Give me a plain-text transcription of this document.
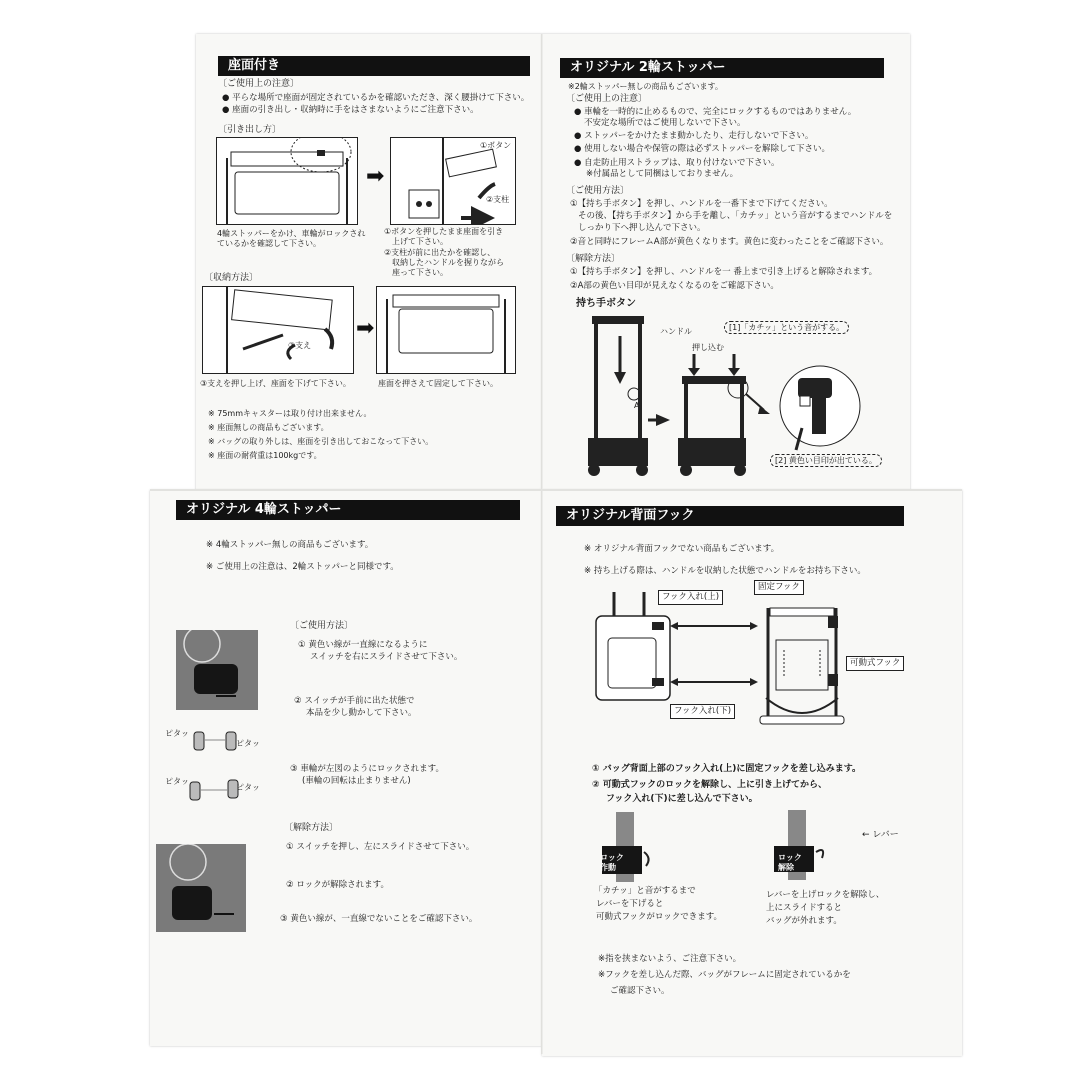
座面付き
〔ご使用上の注意〕
● 平らな場所で座面が固定されているかを確認いただき、深く腰掛けて下さい。
● 座面の引き出し・収納時に手をはさまないようにご注意下さい。
〔引き出し方〕
➡
①ボタン
②支柱
4輪ストッパーをかけ、車輪がロックされ
ているかを確認して下さい。
①ボタンを押したまま座面を引き
上げて下さい。
②支柱が前に出たかを確認し、
収納したハンドルを握りながら
座って下さい。
〔収納方法〕
③支え
➡
③支えを押し上げ、座面を下げて下さい。	座面を押さえて固定して下さい。
※ 75mmキャスターは取り付け出来ません。
※ 座面無しの商品もございます。
※ バッグの取り外しは、座面を引き出しておこなって下さい。
※ 座面の耐荷重は100kgです。
オリジナル 2輪ストッパー
※2輪ストッパー無しの商品もございます。
〔ご使用上の注意〕
● 車輪を一時的に止めるもので、完全にロックするものではありません。
不安定な場所ではご使用しないで下さい。
● ストッパーをかけたまま動かしたり、走行しないで下さい。
● 使用しない場合や保管の際は必ずストッパーを解除して下さい。
● 自走防止用ストラップは、取り付けないで下さい。
※付属品として同梱はしておりません。
〔ご使用方法〕
①【持ち手ボタン】を押し、ハンドルを一番下まで下げてください。
その後、【持ち手ボタン】から手を離し、「カチッ」という音がするまでハンドルを
しっかり下へ押し込んで下さい。
②音と同時にフレームA部が黄色くなります。黄色に変わったことをご確認下さい。
〔解除方法〕
①【持ち手ボタン】を押し、ハンドルを一 番上まで引き上げると解除されます。
②A部の黄色い目印が見えなくなるのをご確認下さい。
持ち手ボタン
ハンドル
押し込む
[1]「カチッ」という音がする。
[2] 黄色い目印が出ている。
A
オリジナル 4輪ストッパー
※ 4輪ストッパー無しの商品もございます。
※ ご使用上の注意は、2輪ストッパーと同様です。
〔ご使用方法〕
① 黄色い線が一直線になるように
スイッチを右にスライドさせて下さい。
② スイッチが手前に出た状態で
本品を少し動かして下さい。
ピタッ
ピタッ
ピタッ
ピタッ
③ 車輪が左図のようにロックされます。
(車輪の回転は止まりません)
〔解除方法〕
① スイッチを押し、左にスライドさせて下さい。
② ロックが解除されます。
③ 黄色い線が、一直線でないことをご確認下さい。
オリジナル背面フック
※ オリジナル背面フックでない商品もございます。
※ 持ち上げる際は、ハンドルを収納した状態でハンドルをお持ち下さい。
フック入れ(上)
固定フック
可動式フック
フック入れ(下)
① バッグ背面上部のフック入れ(上)に固定フックを差し込みます。
② 可動式フックのロックを解除し、上に引き上げてから、
フック入れ(下)に差し込んで下さい。
ロック
作動
ロック
解除
← レバー
「カチッ」と音がするまで
レバーを下げると
可動式フックがロックできます。
レバーを上げロックを解除し、
上にスライドすると
バッグが外れます。
※指を挟まないよう、ご注意下さい。
※フックを差し込んだ際、バッグがフレームに固定されているかを
ご確認下さい。
